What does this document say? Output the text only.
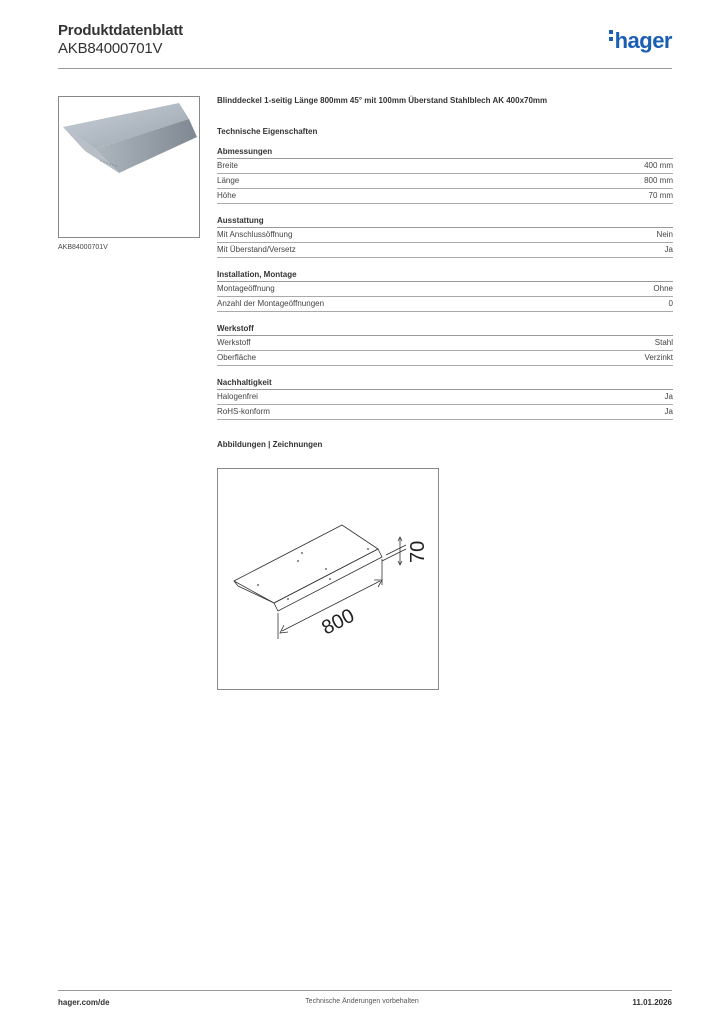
Produktdatenblatt
AKB84000701V	hager
AKB84000701V
Blinddeckel 1-seitig Länge 800mm 45° mit 100mm Überstand Stahlblech AK 400x70mm
Technische Eigenschaften
Abmessungen
Breite	400 mm
Länge	800 mm
Höhe	70 mm
Ausstattung
Mit Anschlussöffnung	Nein
Mit Überstand/Versetz	Ja
Installation, Montage
Montageöffnung	Ohne
Anzahl der Montageöffnungen	0
Werkstoff
Werkstoff	Stahl
Oberfläche	Verzinkt
Nachhaltigkeit
Halogenfrei	Ja
RoHS-konform	Ja
Abbildungen | Zeichnungen
800
70
hager.com/de	Technische Änderungen vorbehalten	11.01.2026
